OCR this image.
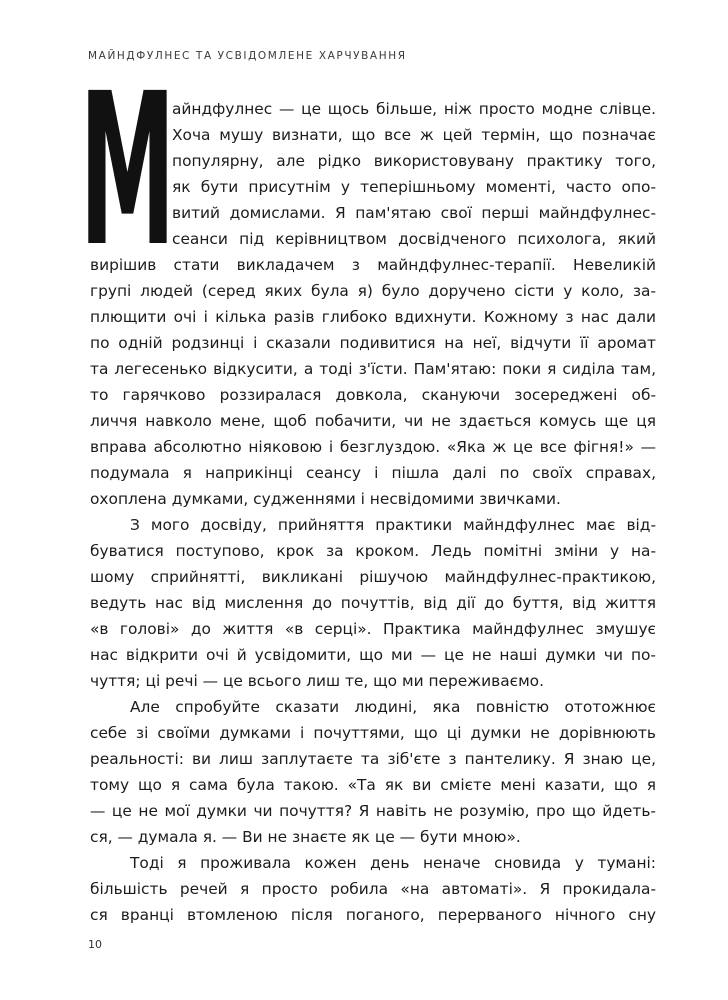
МАЙНДФУЛНЕС ТА УСВІДОМЛЕНЕ ХАРЧУВАННЯ
М
айндфулнес — це щось більше, ніж просто модне слівце.
Хоча мушу визнати, що все ж цей термін, що позначає
популярну, але рідко використовувану практику того,
як бути присутнім у теперішньому моменті, часто опо-
витий домислами. Я пам'ятаю свої перші майндфулнес-
сеанси під керівництвом досвідченого психолога, який
вирішив стати викладачем з майндфулнес-терапії. Невеликій
групі людей (серед яких була я) було доручено сісти у коло, за-
плющити очі і кілька разів глибоко вдихнути. Кожному з нас дали
по одній родзинці і сказали подивитися на неї, відчути її аромат
та легесенько відкусити, а тоді з'їсти. Пам'ятаю: поки я сиділа там,
то гарячково роззиралася довкола, скануючи зосереджені об-
личчя навколо мене, щоб побачити, чи не здається комусь ще ця
вправа абсолютно ніяковою і безглуздою. «Яка ж це все фігня!» —
подумала я наприкінці сеансу і пішла далі по своїх справах,
охоплена думками, судженнями і несвідомими звичками.
З мого досвіду, прийняття практики майндфулнес має від-
буватися поступово, крок за кроком. Ледь помітні зміни у на-
шому сприйнятті, викликані рішучою майндфулнес-практикою,
ведуть нас від мислення до почуттів, від дії до буття, від життя
«в голові» до життя «в серці». Практика майндфулнес змушує
нас відкрити очі й усвідомити, що ми — це не наші думки чи по-
чуття; ці речі — це всього лиш те, що ми переживаємо.
Але спробуйте сказати людині, яка повністю ототожнює
себе зі своїми думками і почуттями, що ці думки не дорівнюють
реальності: ви лиш заплутаєте та зіб'єте з пантелику. Я знаю це,
тому що я сама була такою. «Та як ви смієте мені казати, що я
— це не мої думки чи почуття? Я навіть не розумію, про що йдеть-
ся, — думала я. — Ви не знаєте як це — бути мною».
Тоді я проживала кожен день неначе сновида у тумані:
більшість речей я просто робила «на автоматі». Я прокидала-
ся вранці втомленою після поганого, перерваного нічного сну
10
